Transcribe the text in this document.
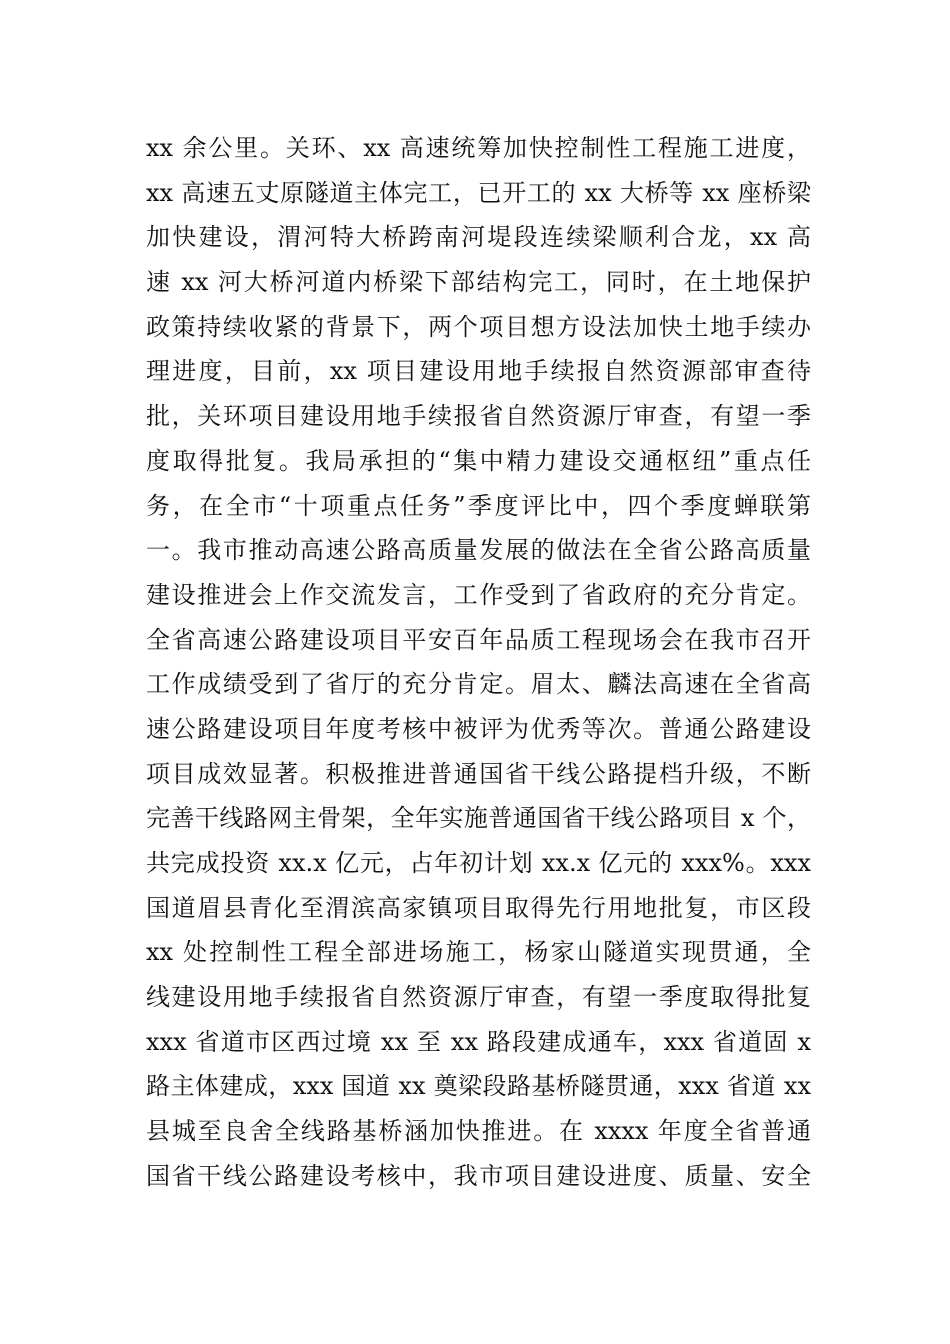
xx 余公里。关环、xx 高速统筹加快控制性工程施工进度，
xx 高速五丈原隧道主体完工，已开工的 xx 大桥等 xx 座桥梁
加快建设，渭河特大桥跨南河堤段连续梁顺利合龙，xx 高
速 xx 河大桥河道内桥梁下部结构完工，同时，在土地保护
政策持续收紧的背景下，两个项目想方设法加快土地手续办
理进度，目前，xx 项目建设用地手续报自然资源部审查待
批，关环项目建设用地手续报省自然资源厅审查，有望一季
度取得批复。我局承担的“集中精力建设交通枢纽”重点任
务，在全市“十项重点任务”季度评比中，四个季度蝉联第
一。我市推动高速公路高质量发展的做法在全省公路高质量
建设推进会上作交流发言，工作受到了省政府的充分肯定。
全省高速公路建设项目平安百年品质工程现场会在我市召开
工作成绩受到了省厅的充分肯定。眉太、麟法高速在全省高
速公路建设项目年度考核中被评为优秀等次。普通公路建设
项目成效显著。积极推进普通国省干线公路提档升级，不断
完善干线路网主骨架，全年实施普通国省干线公路项目 x 个，
共完成投资 xx.x 亿元，占年初计划 xx.x 亿元的 xxx%。xxx
国道眉县青化至渭滨高家镇项目取得先行用地批复，市区段
xx 处控制性工程全部进场施工，杨家山隧道实现贯通，全
线建设用地手续报省自然资源厅审查，有望一季度取得批复
xxx 省道市区西过境 xx 至 xx 路段建成通车，xxx 省道固 x
路主体建成，xxx 国道 xx 奠梁段路基桥隧贯通，xxx 省道 xx
县城至良舍全线路基桥涵加快推进。在 xxxx 年度全省普通
国省干线公路建设考核中，我市项目建设进度、质量、安全
